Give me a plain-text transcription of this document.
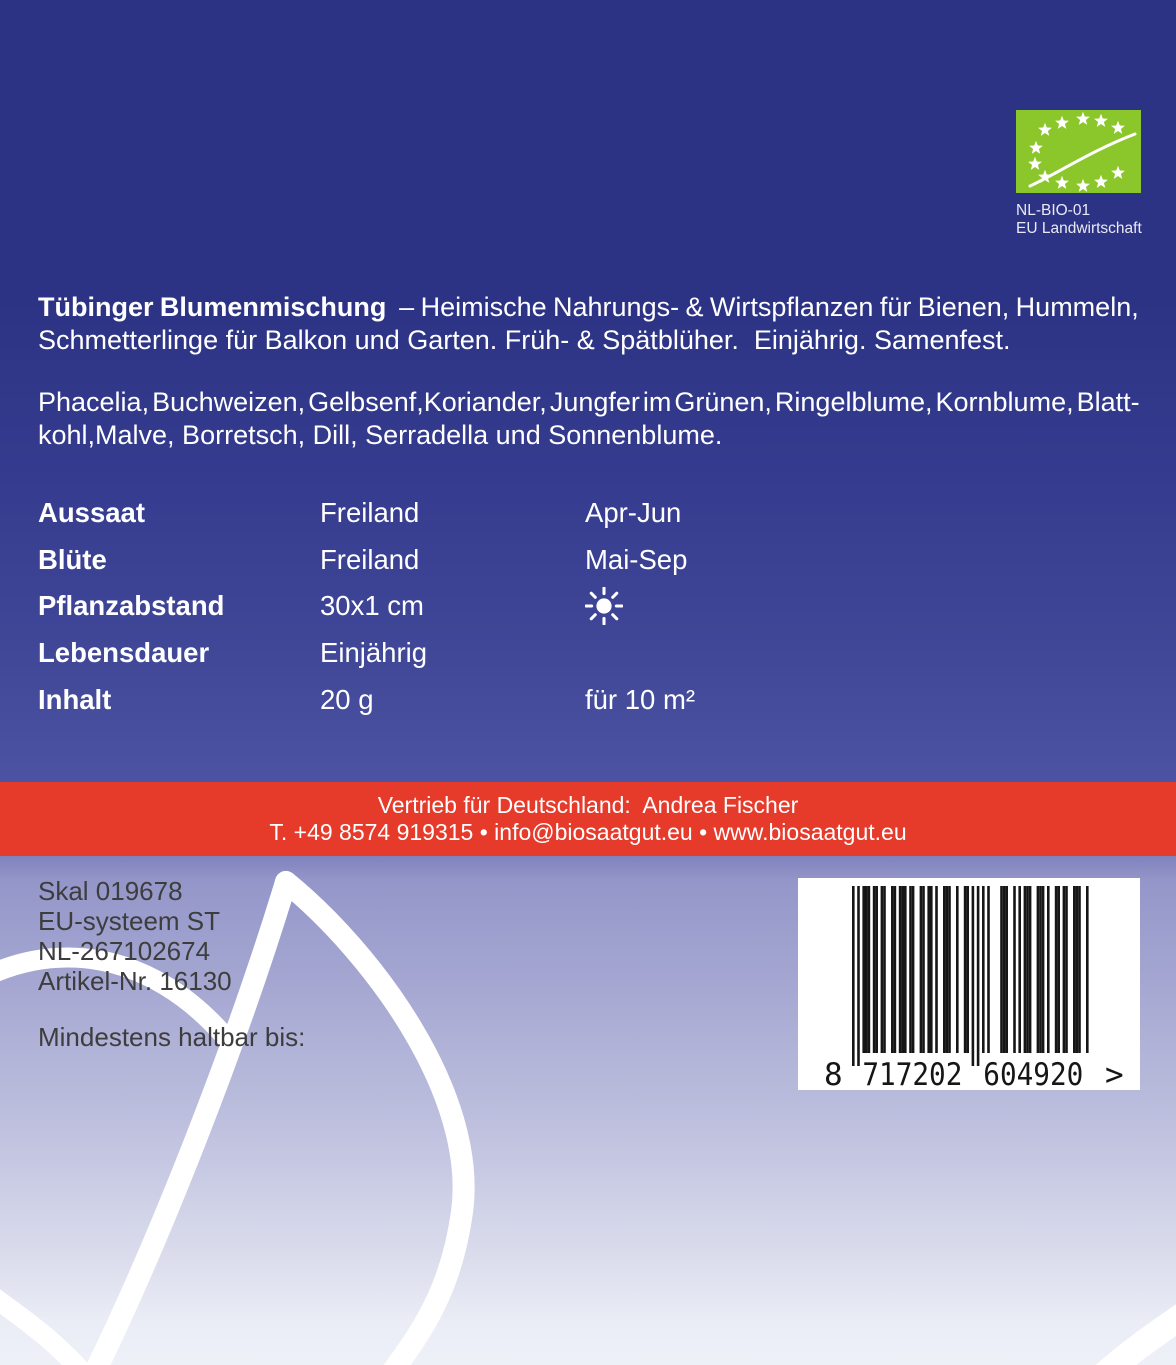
NL-BIO-01
EU Landwirtschaft
Tübinger Blumenmischung  – Heimische Nahrungs- & Wirtspflanzen für Bienen, Hummeln,
Schmetterlinge für Balkon und Garten. Früh- & Spätblüher.  Einjährig. Samenfest.
Phacelia, Buchweizen, Gelbsenf,Koriander, Jungfer im Grünen, Ringelblume, Kornblume, Blatt-
kohl,Malve, Borretsch, Dill, Serradella und Sonnenblume.
Aussaat	Freiland	Apr-Jun
Blüte	Freiland	Mai-Sep
Pflanzabstand	30x1 cm
Lebensdauer	Einjährig
Inhalt	20 g	für 10 m²
Vertrieb für Deutschland:  Andrea Fischer
T. +49 8574 919315 • info@biosaatgut.eu • www.biosaatgut.eu
Skal 019678
EU-systeem ST
NL-267102674
Artikel-Nr. 16130
Mindestens haltbar bis:
8 717202 604920 >
